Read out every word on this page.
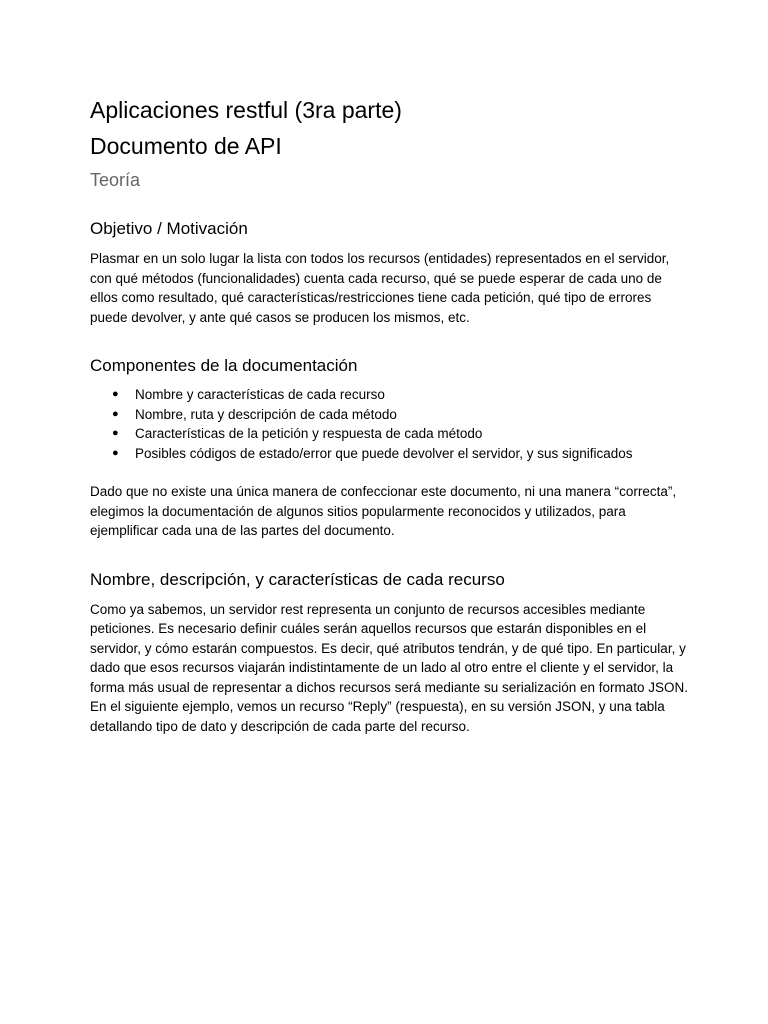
Aplicaciones restful (3ra parte)
Documento de API
Teoría
Objetivo / Motivación

Plasmar en un solo lugar la lista con todos los recursos (entidades) representados en el servidor, con qué métodos (funcionalidades) cuenta cada recurso, qué se puede esperar de cada uno de ellos como resultado, qué características/restricciones tiene cada petición, qué tipo de errores puede devolver, y ante qué casos se producen los mismos, etc.

Componentes de la documentación
● Nombre y características de cada recurso
● Nombre, ruta y descripción de cada método
● Características de la petición y respuesta de cada método
● Posibles códigos de estado/error que puede devolver el servidor, y sus significados

Dado que no existe una única manera de confeccionar este documento, ni una manera “correcta”, elegimos la documentación de algunos sitios popularmente reconocidos y utilizados, para ejemplificar cada una de las partes del documento.

Nombre, descripción, y características de cada recurso

Como ya sabemos, un servidor rest representa un conjunto de recursos accesibles mediante peticiones. Es necesario definir cuáles serán aquellos recursos que estarán disponibles en el servidor, y cómo estarán compuestos. Es decir, qué atributos tendrán, y de qué tipo. En particular, y dado que esos recursos viajarán indistintamente de un lado al otro entre el cliente y el servidor, la forma más usual de representar a dichos recursos será mediante su serialización en formato JSON. En el siguiente ejemplo, vemos un recurso “Reply” (respuesta), en su versión JSON, y una tabla detallando tipo de dato y descripción de cada parte del recurso.
